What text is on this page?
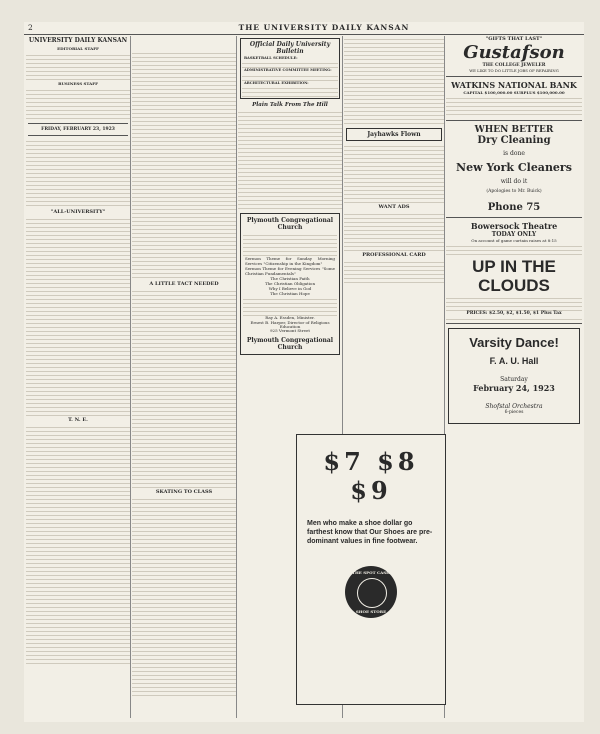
2	THE UNIVERSITY DAILY KANSAN
UNIVERSITY DAILY KANSAN
EDITORIAL STAFF
BUSINESS STAFF
FRIDAY, FEBRUARY 23, 1923
"ALL-UNIVERSITY"
T. N. E.
A LITTLE TACT NEEDED
SKATING TO CLASS
Official Daily University Bulletin
BASKETBALL SCHEDULE:
ADMINISTRATIVE COMMITTEE MEETING:
ARCHITECTURAL EXHIBITION:
Plain Talk From The Hill
Plymouth Congregational Church
Sermon Theme for Sunday Morning Services "Citizenship in the Kingdom"
Sermon Theme for Evening Services "Some Christian Fundamentals"
The Christian Faith
The Christian Obligation
Why I Believe in God
The Christian Hope
Ray A. Essden, Minister.
Ernest B. Harper, Director of Religious Education
925 Vermont Street
Plymouth Congregational Church
Jayhawks Flown
WANT ADS
PROFESSIONAL CARD
$7 $8 $9
Men who make a shoe dollar go farthest know that Our Shoes are pre-dominant values in fine footwear.
THE SPOT CASH
SHOE STORE
"GIFTS THAT LAST"
Gustafson
THE COLLEGE JEWELER
WE LIKE TO DO LITTLE JOBS OF REPAIRING
WATKINS NATIONAL BANK
CAPITAL $100,000.00 SURPLUS $100,000.00
WHEN BETTER
Dry Cleaning
is done
New York Cleaners
will do it
(Apologies to Mr. Buick)
Phone 75
Bowersock Theatre
TODAY ONLY
On account of game curtain raises at 8:15
UP IN THE CLOUDS
PRICES: $2.50, $2, $1.50, $1 Plus Tax
Varsity Dance!
F. A. U. Hall
Saturday
February 24, 1923
Shofstal Orchestra
6-pieces
